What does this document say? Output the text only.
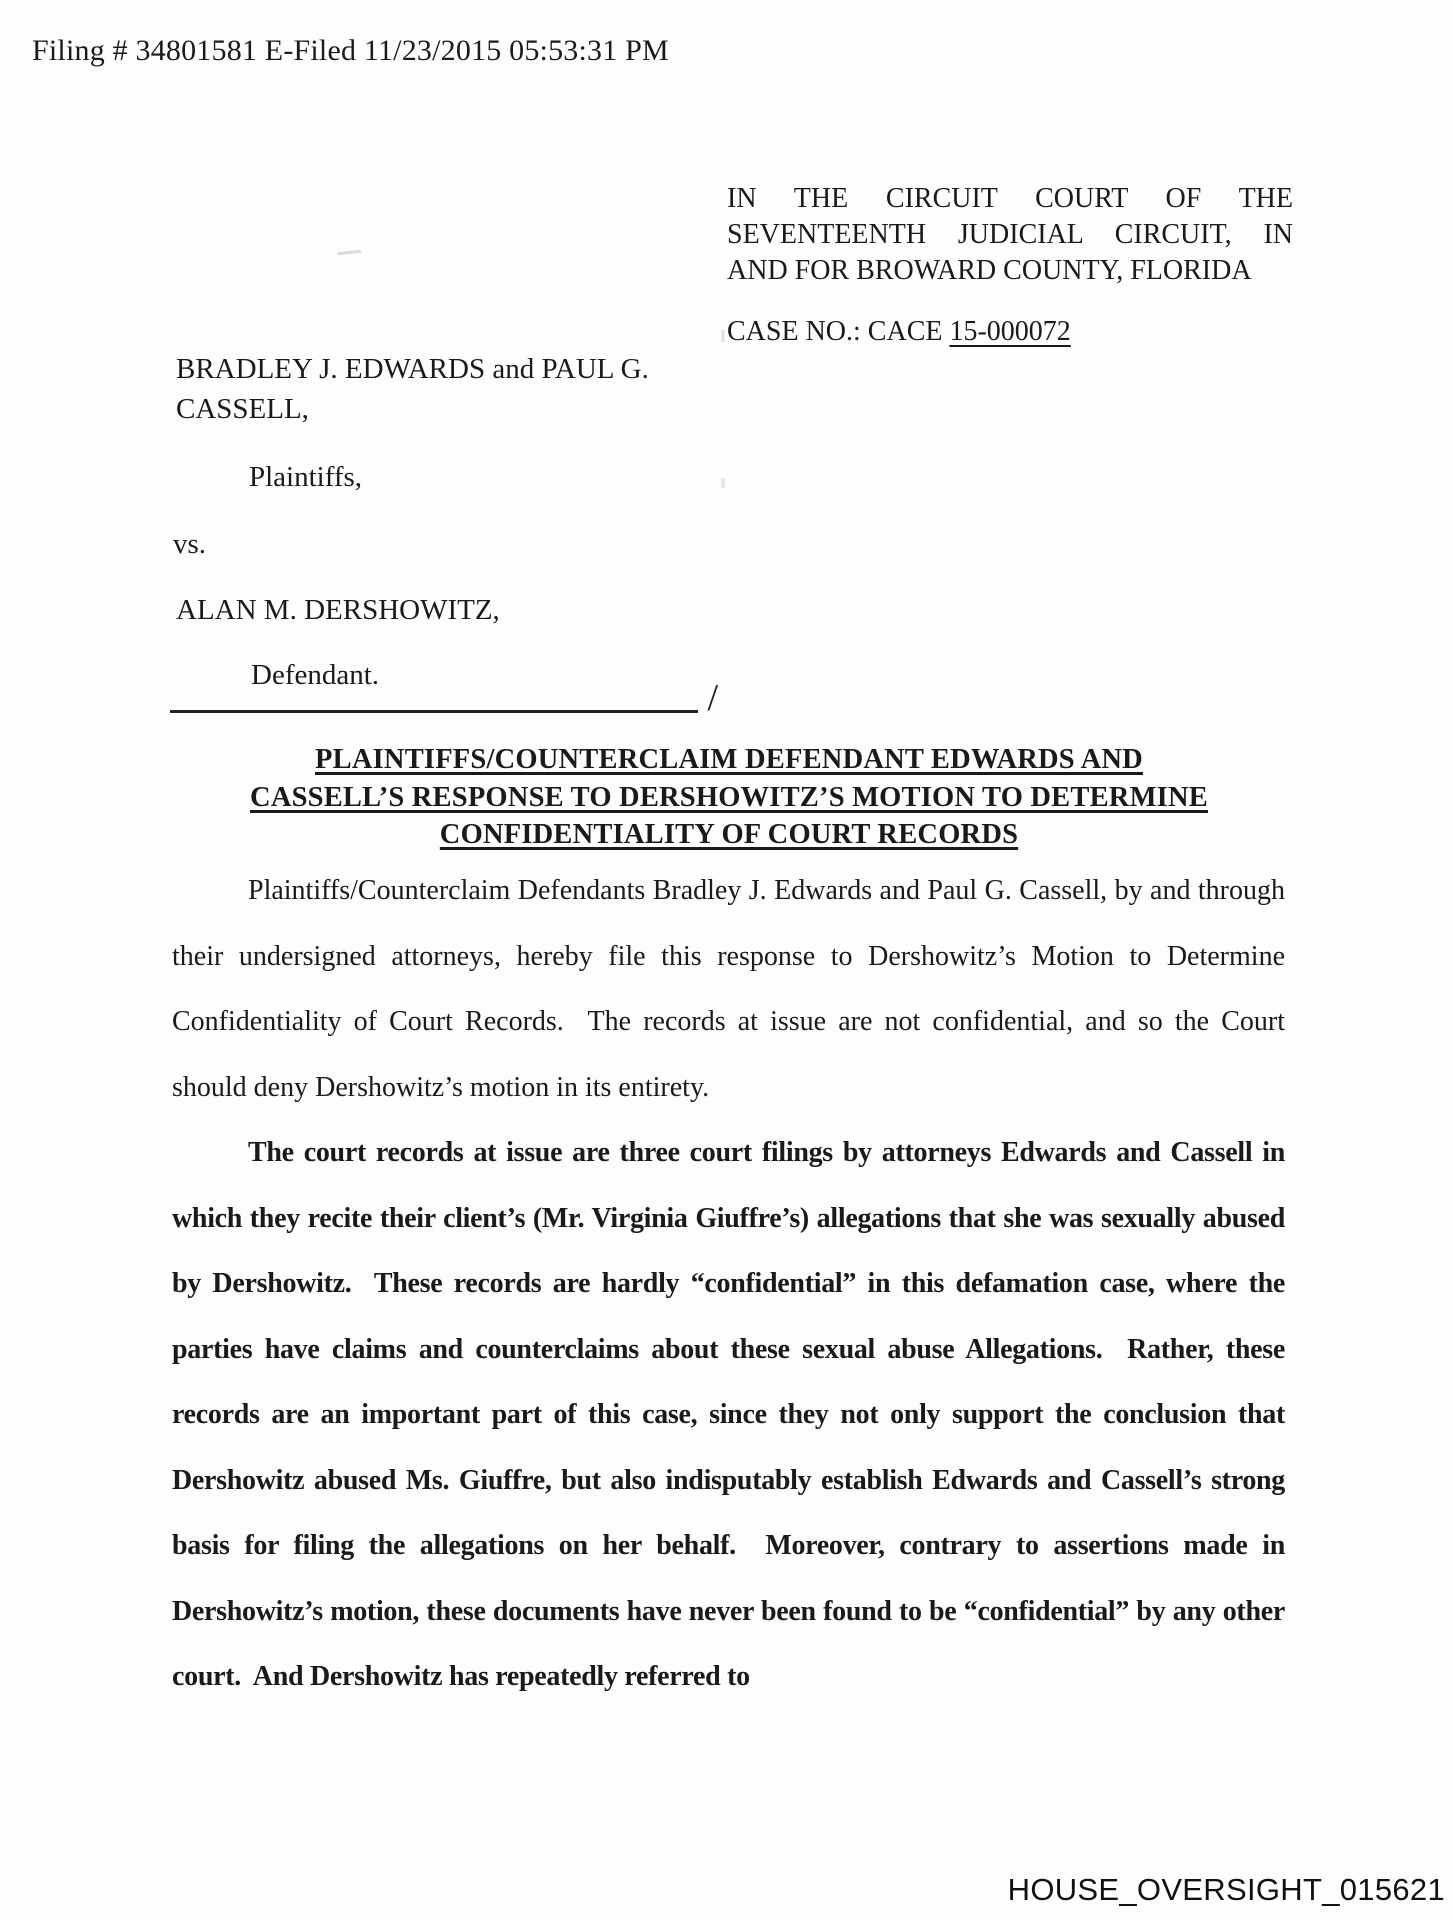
Filing # 34801581 E-Filed 11/23/2015 05:53:31 PM
IN THE CIRCUIT COURT OF THE
SEVENTEENTH JUDICIAL CIRCUIT, IN
AND FOR BROWARD COUNTY, FLORIDA
CASE NO.: CACE 15-000072
BRADLEY J. EDWARDS and PAUL G.
CASSELL,
Plaintiffs,
vs.
ALAN M. DERSHOWITZ,
Defendant.
/
PLAINTIFFS/COUNTERCLAIM DEFENDANT EDWARDS AND
CASSELL’S RESPONSE TO DERSHOWITZ’S MOTION TO DETERMINE
CONFIDENTIALITY OF COURT RECORDS

Plaintiffs/Counterclaim Defendants Bradley J. Edwards and Paul G. Cassell, by and through their undersigned attorneys, hereby file this response to Dershowitz’s Motion to Determine Confidentiality of Court Records.  The records at issue are not confidential, and so the Court should deny Dershowitz’s motion in its entirety.

The court records at issue are three court filings by attorneys Edwards and Cassell in which they recite their client’s (Mr. Virginia Giuffre’s) allegations that she was sexually abused by Dershowitz.  These records are hardly “confidential” in this defamation case, where the parties have claims and counterclaims about these sexual abuse Allegations.  Rather, these records are an important part of this case, since they not only support the conclusion that Dershowitz abused Ms. Giuffre, but also indisputably establish Edwards and Cassell’s strong basis for filing the allegations on her behalf.  Moreover, contrary to assertions made in Dershowitz’s motion, these documents have never been found to be “confidential” by any other court.  And Dershowitz has repeatedly referred to

HOUSE_OVERSIGHT_015621
